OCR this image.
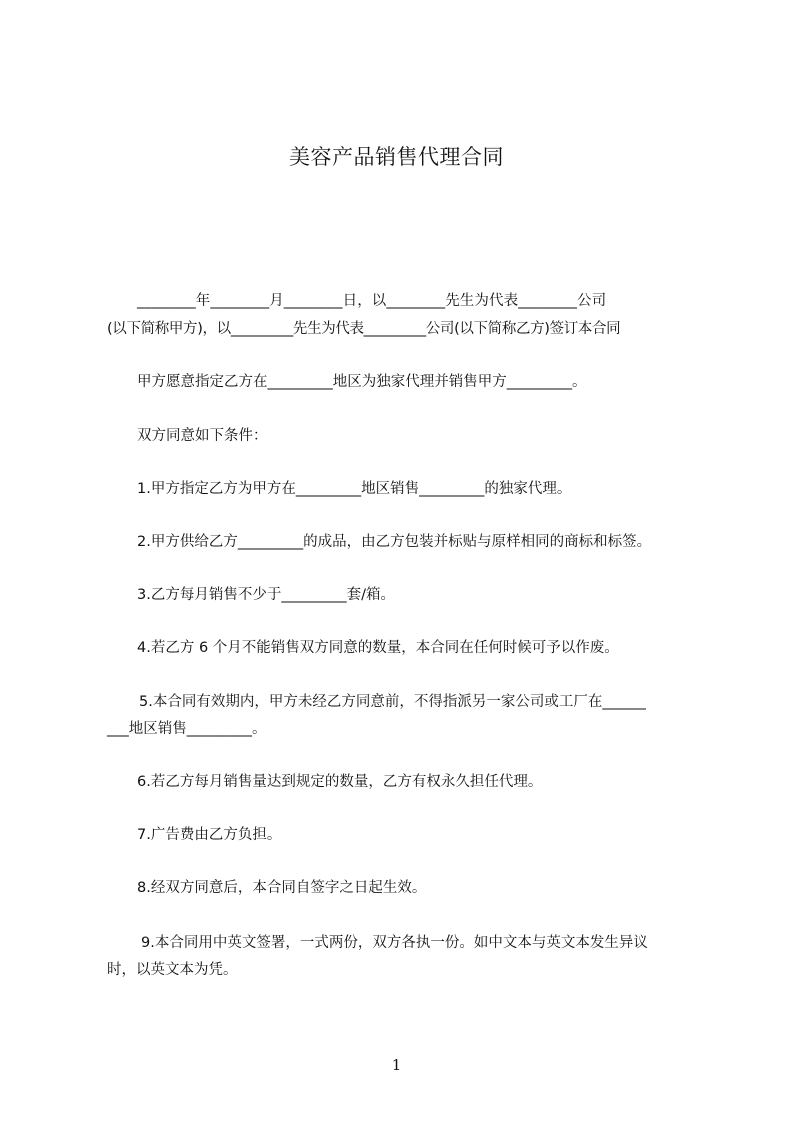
美容产品销售代理合同

________年________月________日，以________先生为代表________公司

(以下简称甲方)，以_________先生为代表_________公司(以下简称乙方)签订本合同

甲方愿意指定乙方在_________地区为独家代理并销售甲方_________。

双方同意如下条件：

1.甲方指定乙方为甲方在_________地区销售_________的独家代理。

2.甲方供给乙方_________的成品，由乙方包装并标贴与原样相同的商标和标签。

3.乙方每月销售不少于_________套/箱。

4.若乙方 6 个月不能销售双方同意的数量，本合同在任何时候可予以作废。

5.本合同有效期内，甲方未经乙方同意前，不得指派另一家公司或工厂在______

___地区销售_________。

6.若乙方每月销售量达到规定的数量，乙方有权永久担任代理。

7.广告费由乙方负担。

8.经双方同意后，本合同自签字之日起生效。

9.本合同用中英文签署，一式两份，双方各执一份。如中文本与英文本发生异议

时，以英文本为凭。

1
